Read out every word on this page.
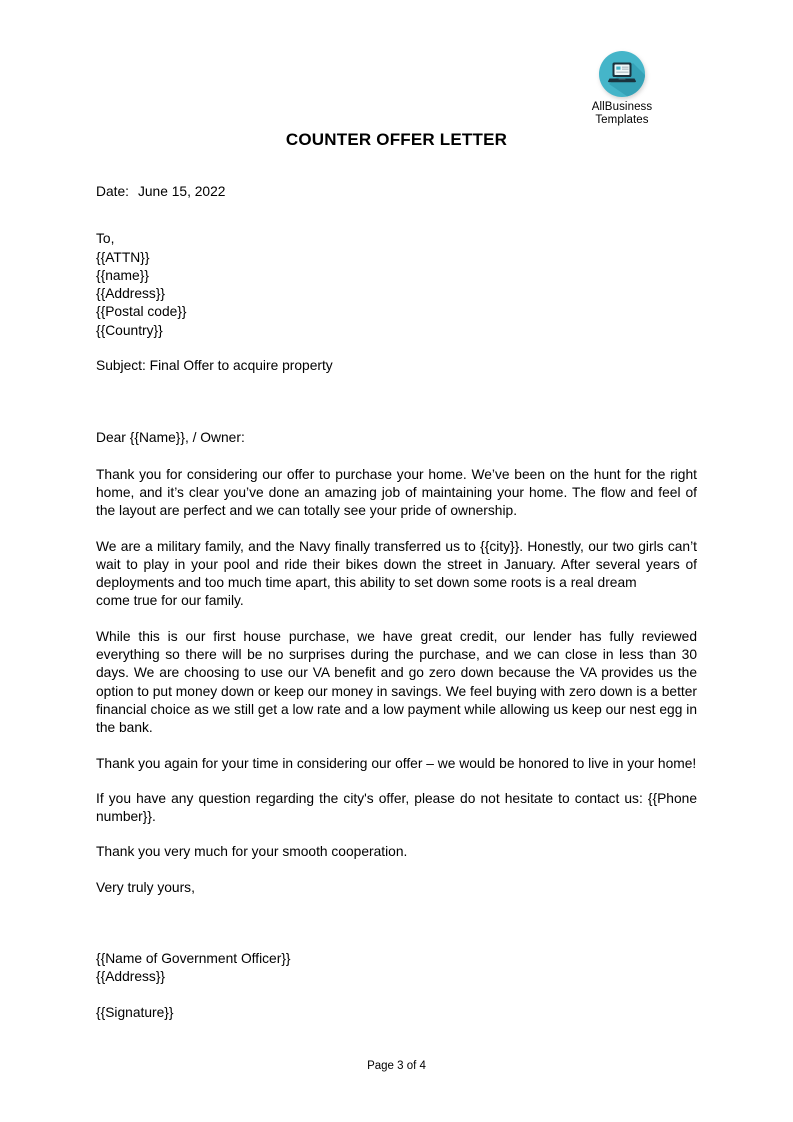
AllBusiness
Templates
COUNTER OFFER LETTER

Date: June 15, 2022

To,
{{ATTN}}
{{name}}
{{Address}}
{{Postal code}}
{{Country}}

Subject: Final Offer to acquire property

Dear {{Name}}, / Owner:

Thank you for considering our offer to purchase your home. We’ve been on the hunt for the right home, and it’s clear you’ve done an amazing job of maintaining your home. The flow and feel of the layout are perfect and we can totally see your pride of ownership.

We are a military family, and the Navy finally transferred us to {{city}}. Honestly, our two girls can’t wait to play in your pool and ride their bikes down the street in January. After several years of deployments and too much time apart, this ability to set down some roots is a real dream
come true for our family.

While this is our first house purchase, we have great credit, our lender has fully reviewed everything so there will be no surprises during the purchase, and we can close in less than 30 days. We are choosing to use our VA benefit and go zero down because the VA provides us the option to put money down or keep our money in savings. We feel buying with zero down is a better financial choice as we still get a low rate and a low payment while allowing us keep our nest egg in the bank.

Thank you again for your time in considering our offer – we would be honored to live in your home!

If you have any question regarding the city's offer, please do not hesitate to contact us: {{Phone number}}.

Thank you very much for your smooth cooperation.

Very truly yours,

{{Name of Government Officer}}
{{Address}}

{{Signature}}

Page 3 of 4
